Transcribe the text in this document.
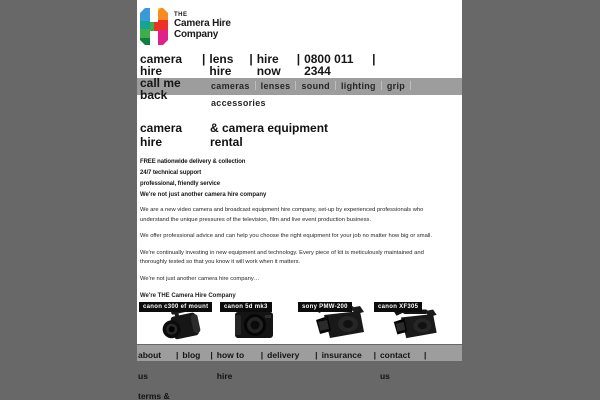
THE
Camera Hire
Company
camera hire| lens hire| hire now| 0800 011 2344|call me back
cameras lenses sound lighting gripaccessories
camera hire& camera equipment rental
FREE nationwide delivery & collection
24/7 technical support
professional, friendly service
We're not just another camera hire company

We are a new video camera and broadcast equipment hire company, set-up by experienced professionals who understand the unique pressures of the television, film and live event production business.

We offer professional advice and can help you choose the right equipment for your job no matter how big or small.

We're continually investing in new equipment and technology. Every piece of kit is meticulously maintained and thoroughly tested so that you know it will work when it matters.

We're not just another camera hire company…

We're THE Camera Hire Company

canon c300 ef mount	canon 5d mk3	sony PMW-200	canon XF305
about us| blog | how to hire| delivery | insurance | contact us|terms &
